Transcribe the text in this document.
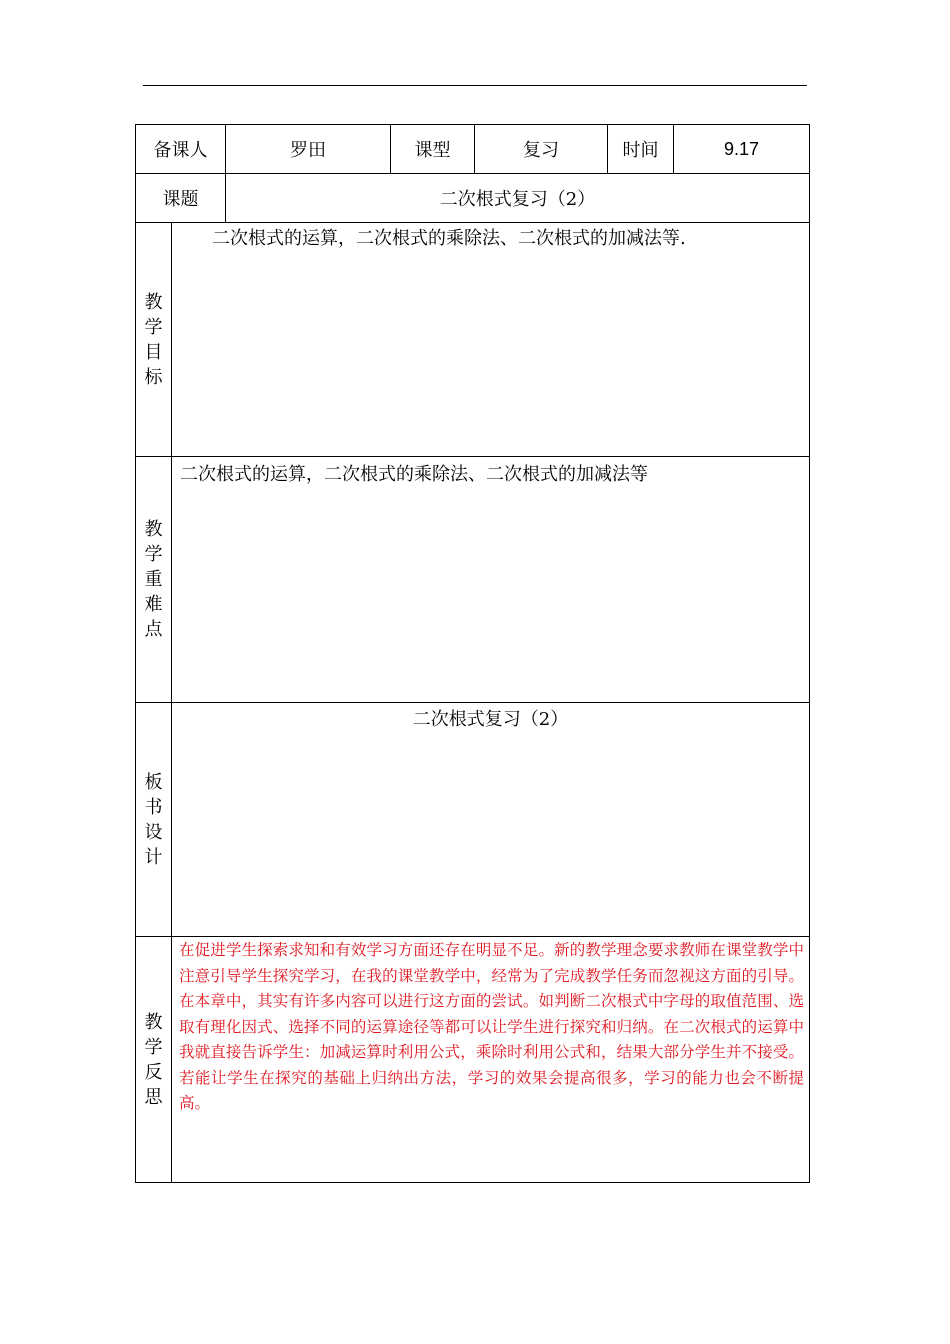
备课人		罗田	课型	复习	时间	9.17
课题		二次根式复习（2）				
教学目标	二次根式的运算，二次根式的乘除法、二次根式的加减法等.					

教学重难点	二次根式的运算，二次根式的乘除法、二次根式的加减法等					

板书设计	二次根式复习（2）					

教学反思	在促进学生探索求知和有效学习方面还存在明显不足。新的教学理念要求教师在课堂教学中注意引导学生探究学习，在我的课堂教学中，经常为了完成教学任务而忽视这方面的引导。在本章中，其实有许多内容可以进行这方面的尝试。如判断二次根式中字母的取值范围、选取有理化因式、选择不同的运算途径等都可以让学生进行探究和归纳。在二次根式的运算中我就直接告诉学生：加减运算时利用公式，乘除时利用公式和，结果大部分学生并不接受。若能让学生在探究的基础上归纳出方法，学习的效果会提高很多，学习的能力也会不断提高。					
